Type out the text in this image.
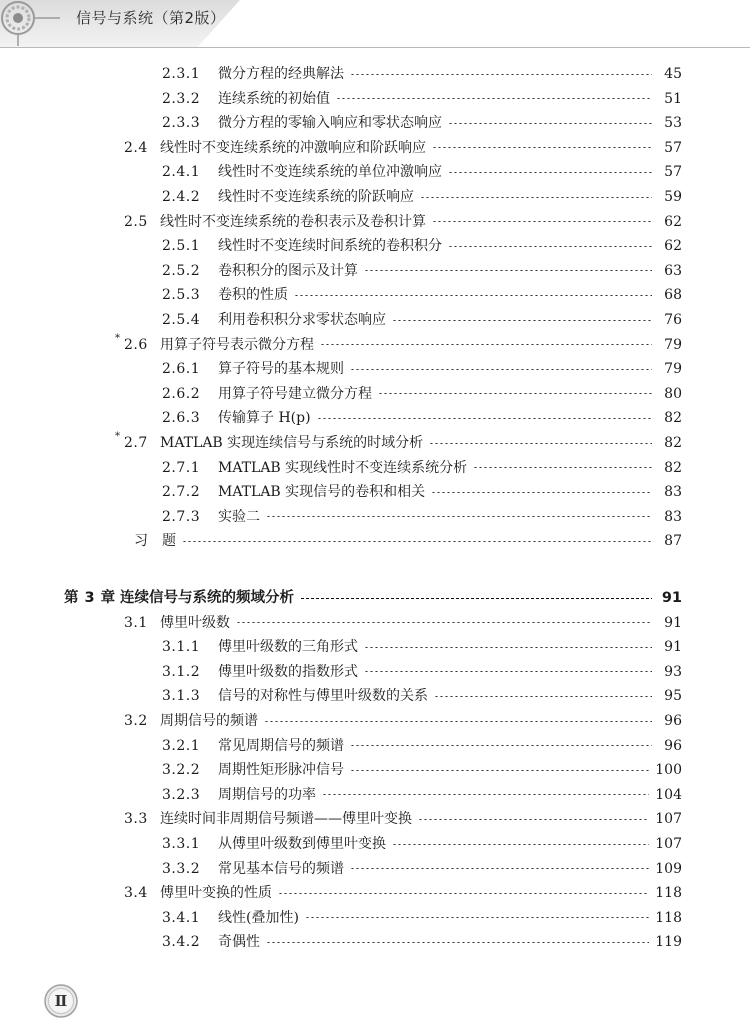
信号与系统（第2版）
2.3.1	微分方程的经典解法	45
2.3.2	连续系统的初始值	51
2.3.3	微分方程的零输入响应和零状态响应	53
2.4 线性时不变连续系统的冲激响应和阶跃响应	57
2.4.1	线性时不变连续系统的单位冲激响应	57
2.4.2	线性时不变连续系统的阶跃响应	59
2.5 线性时不变连续系统的卷积表示及卷积计算	62
2.5.1	线性时不变连续时间系统的卷积积分	62
2.5.2	卷积积分的图示及计算	63
2.5.3	卷积的性质	68
2.5.4	利用卷积积分求零状态响应	76
* 2.6 用算子符号表示微分方程	79
2.6.1	算子符号的基本规则	79
2.6.2	用算子符号建立微分方程	80
2.6.3	传输算子 H(p)	82
* 2.7 MATLAB 实现连续信号与系统的时域分析	82
2.7.1	MATLAB 实现线性时不变连续系统分析	82
2.7.2	MATLAB 实现信号的卷积和相关	83
2.7.3	实验二	83
习　题	87
第 3 章 连续信号与系统的频域分析	91
3.1 傅里叶级数	91
3.1.1	傅里叶级数的三角形式	91
3.1.2	傅里叶级数的指数形式	93
3.1.3	信号的对称性与傅里叶级数的关系	95
3.2 周期信号的频谱	96
3.2.1	常见周期信号的频谱	96
3.2.2	周期性矩形脉冲信号	100
3.2.3	周期信号的功率	104
3.3 连续时间非周期信号频谱——傅里叶变换	107
3.3.1	从傅里叶级数到傅里叶变换	107
3.3.2	常见基本信号的频谱	109
3.4 傅里叶变换的性质	118
3.4.1	线性(叠加性)	118
3.4.2	奇偶性	119
Ⅱ
